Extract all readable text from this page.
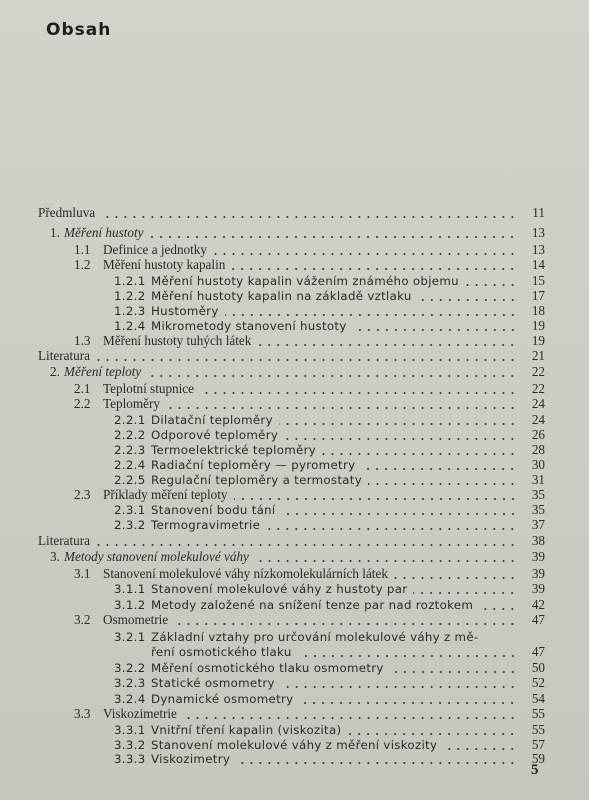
Obsah
Předmluva	11
1. Měření hustoty	13
1.1 Definice a jednotky	13
1.2 Měření hustoty kapalin	14
1.2.1 Měření hustoty kapalin vážením známého objemu	15
1.2.2 Měření hustoty kapalin na základě vztlaku	17
1.2.3 Hustoměry	18
1.2.4 Mikrometody stanovení hustoty	19
1.3 Měření hustoty tuhých látek	19
Literatura	21
2. Měření teploty	22
2.1 Teplotní stupnice	22
2.2 Teploměry	24
2.2.1 Dilatační teploměry	24
2.2.2 Odporové teploměry	26
2.2.3 Termoelektrické teploměry	28
2.2.4 Radiační teploměry — pyrometry	30
2.2.5 Regulační teploměry a termostaty	31
2.3 Příklady měření teploty	35
2.3.1 Stanovení bodu tání	35
2.3.2 Termogravimetrie	37
Literatura	38
3. Metody stanovení molekulové váhy	39
3.1 Stanovení molekulové váhy nízkomolekulárních látek	39
3.1.1 Stanovení molekulové váhy z hustoty par	39
3.1.2 Metody založené na snížení tenze par nad roztokem	42
3.2 Osmometrie	47
3.2.1 Základní vztahy pro určování molekulové váhy z mě-
ření osmotického tlaku	47
3.2.2 Měření osmotického tlaku osmometry	50
3.2.3 Statické osmometry	52
3.2.4 Dynamické osmometry	54
3.3 Viskozimetrie	55
3.3.1 Vnitřní tření kapalin (viskozita)	55
3.3.2 Stanovení molekulové váhy z měření viskozity	57
3.3.3 Viskozimetry	59
5
